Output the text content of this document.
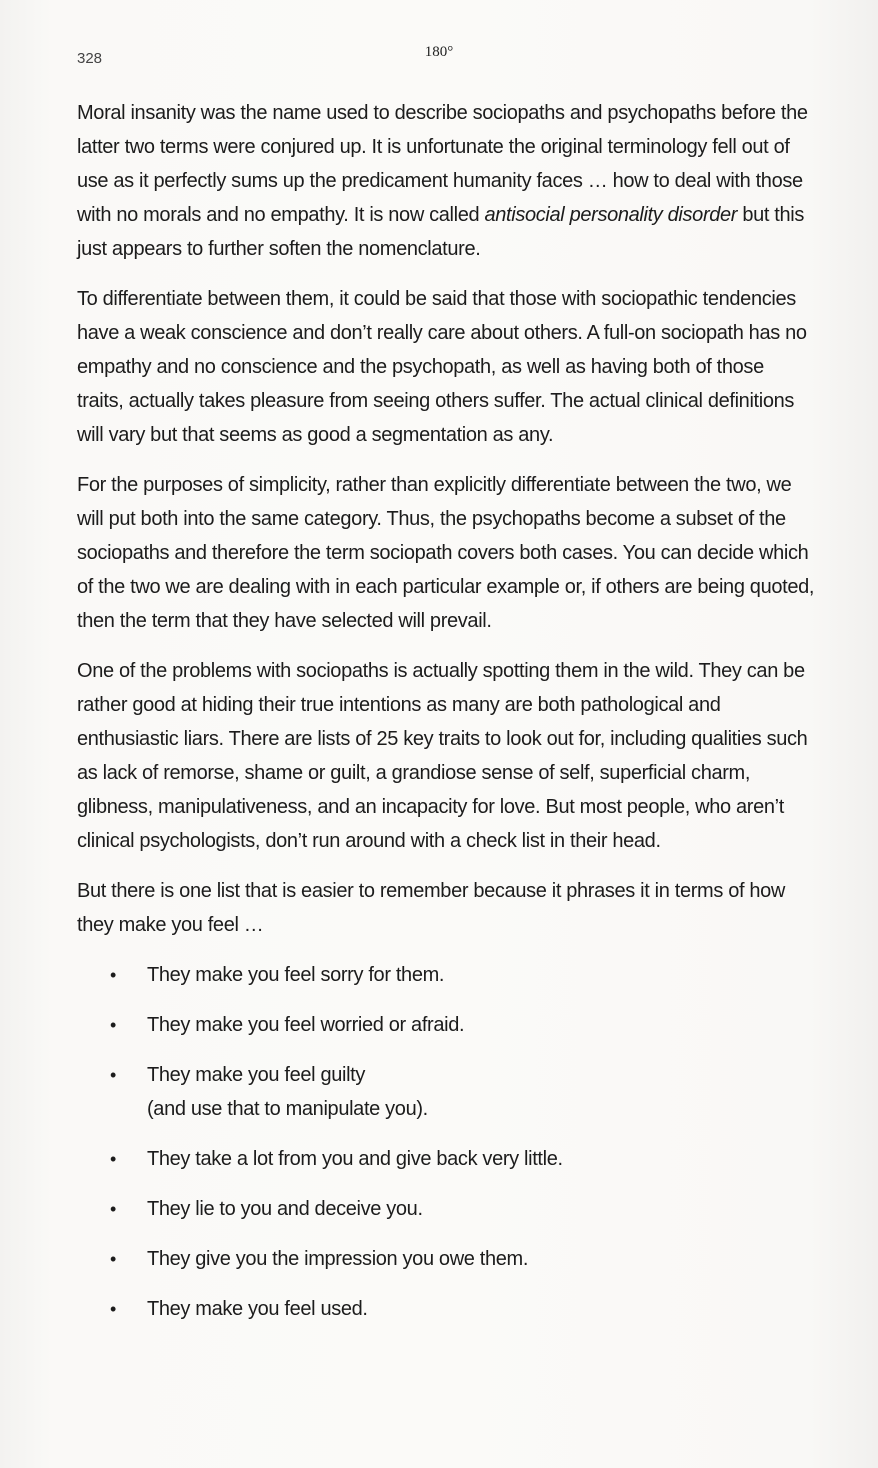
328	180°

Moral insanity was the name used to describe sociopaths and psychopaths before the latter two terms were conjured up. It is unfortunate the original terminology fell out of use as it perfectly sums up the predicament humanity faces … how to deal with those with no morals and no empathy. It is now called antisocial personality disorder but this just appears to further soften the nomenclature.

To differentiate between them, it could be said that those with sociopathic tendencies have a weak conscience and don’t really care about others. A full-on sociopath has no empathy and no conscience and the psychopath, as well as having both of those traits, actually takes pleasure from seeing others suffer. The actual clinical definitions will vary but that seems as good a segmentation as any.

For the purposes of simplicity, rather than explicitly differentiate between the two, we will put both into the same category. Thus, the psychopaths become a subset of the sociopaths and therefore the term sociopath covers both cases. You can decide which of the two we are dealing with in each particular example or, if others are being quoted, then the term that they have selected will prevail.

One of the problems with sociopaths is actually spotting them in the wild. They can be rather good at hiding their true intentions as many are both pathological and enthusiastic liars. There are lists of 25 key traits to look out for, including qualities such as lack of remorse, shame or guilt, a grandiose sense of self, superficial charm, glibness, manipulativeness, and an incapacity for love. But most people, who aren’t clinical psychologists, don’t run around with a check list in their head.

But there is one list that is easier to remember because it phrases it in terms of how they make you feel …

• They make you feel sorry for them.
• They make you feel worried or afraid.
• They make you feel guilty
(and use that to manipulate you).
• They take a lot from you and give back very little.
• They lie to you and deceive you.
• They give you the impression you owe them.
• They make you feel used.
